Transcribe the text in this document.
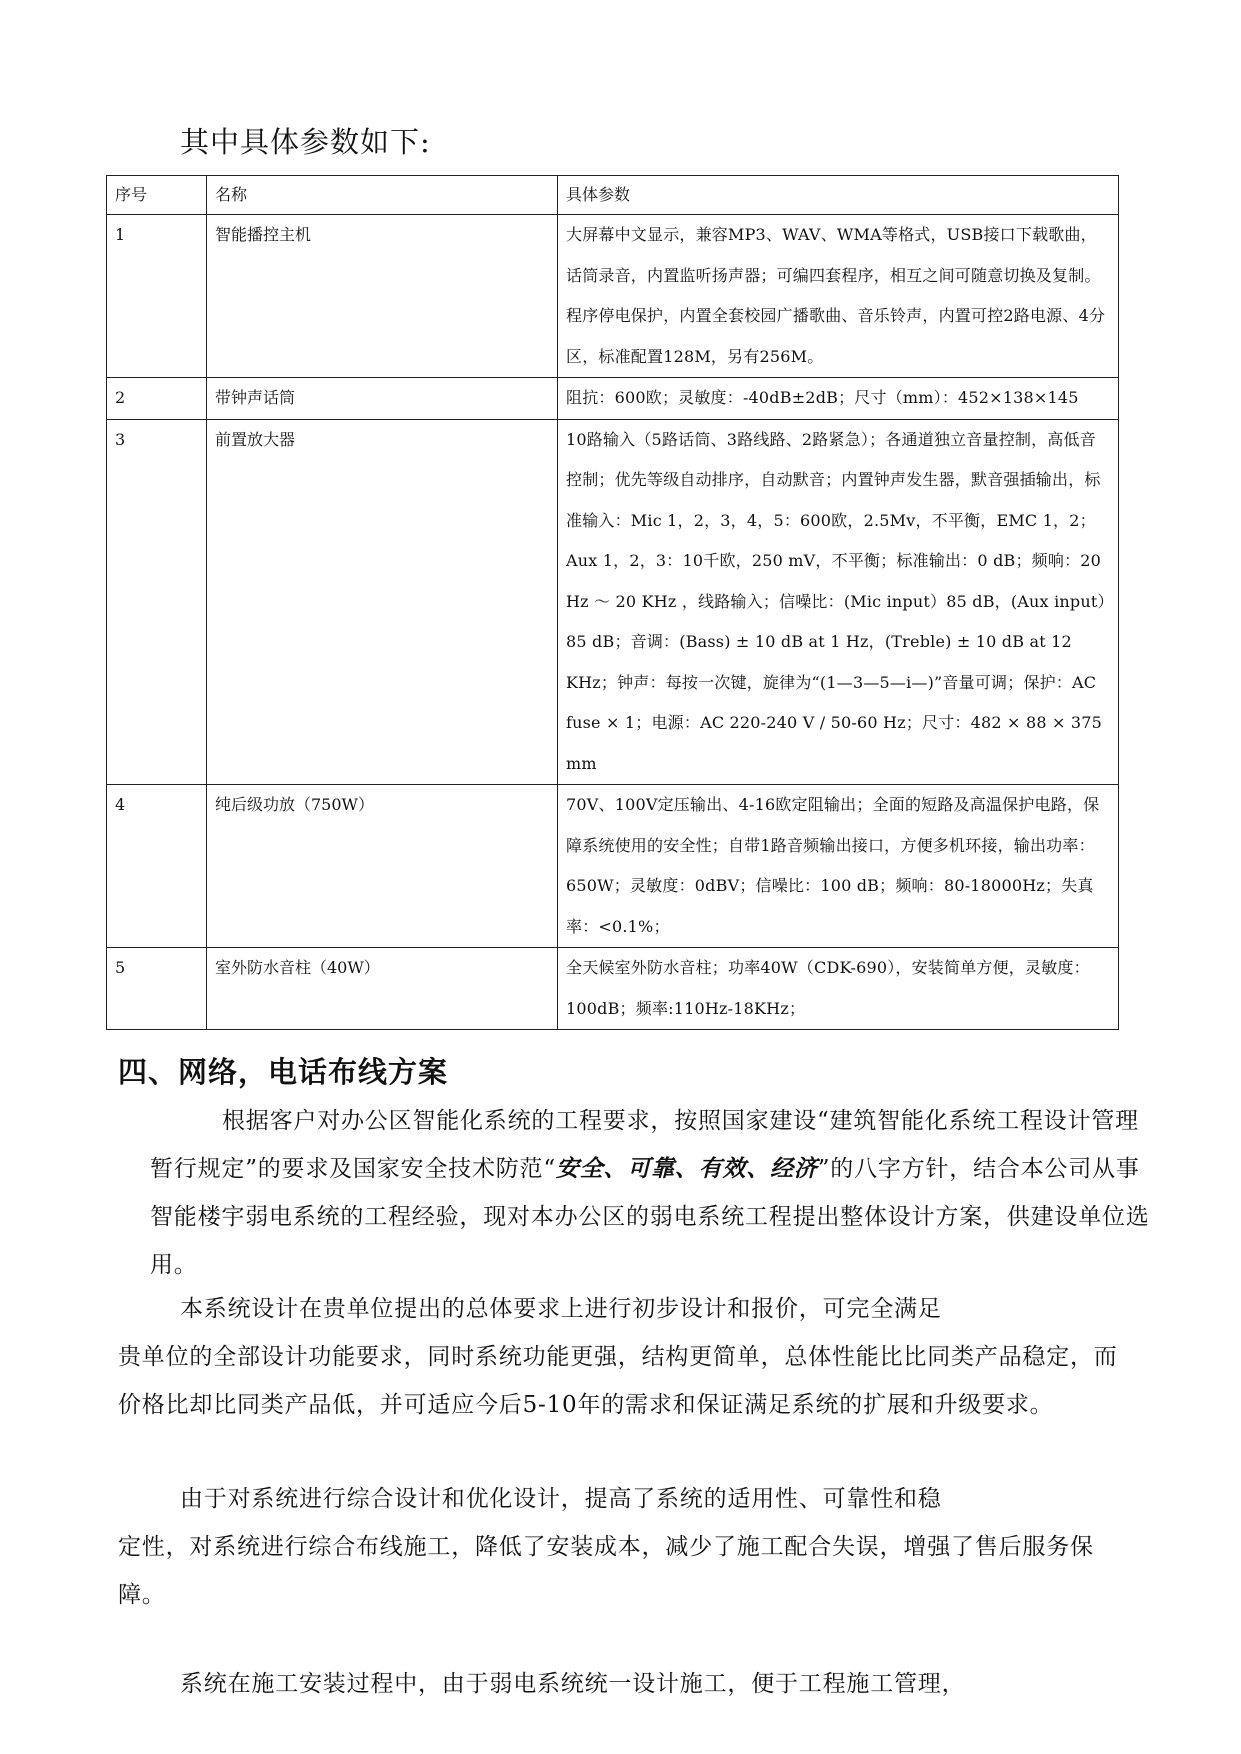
其中具体参数如下:
序号	名称	具体参数
1	智能播控主机	大屏幕中文显示，兼容MP3、WAV、WMA等格式，USB接口下载歌曲，话筒录音，内置监听扬声器；可编四套程序，相互之间可随意切换及复制。程序停电保护，内置全套校园广播歌曲、音乐铃声，内置可控2路电源、4分区，标准配置128M，另有256M。
2	带钟声话筒	阻抗：600欧；灵敏度：-40dB±2dB；尺寸（mm）：452×138×145
3	前置放大器	10路输入（5路话筒、3路线路、2路紧急）；各通道独立音量控制，高低音控制；优先等级自动排序，自动默音；内置钟声发生器，默音强插输出，标准输入：Mic 1，2，3，4，5：600欧，2.5Mv，不平衡，EMC 1，2；Aux 1，2，3：10千欧，250 mV，不平衡；标准输出：0 dB；频响：20 Hz ～ 20 KHz ，线路输入；信噪比：(Mic input）85 dB，(Aux input）85 dB；音调：(Bass) ± 10 dB at 1 Hz，(Treble) ± 10 dB at 12 KHz；钟声：每按一次键，旋律为“(1—3—5—i—)”音量可调；保护：AC fuse × 1；电源：AC 220-240 V / 50-60 Hz；尺寸：482 × 88 × 375 mm
4	纯后级功放（750W）	70V、100V定压输出、4-16欧定阻输出；全面的短路及高温保护电路，保障系统使用的安全性；自带1路音频输出接口，方便多机环接，输出功率：650W；灵敏度：0dBV；信噪比：100 dB；频响：80-18000Hz；失真率：<0.1%；
5	室外防水音柱（40W）	全天候室外防水音柱；功率40W（CDK-690），安装简单方便，灵敏度：100dB；频率:110Hz-18KHz；
四、网络，电话布线方案
根据客户对办公区智能化系统的工程要求，按照国家建设“建筑智能化系统工程设计管理暂行规定”的要求及国家安全技术防范“安全、可靠、有效、经济”的八字方针，结合本公司从事智能楼宇弱电系统的工程经验，现对本办公区的弱电系统工程提出整体设计方案，供建设单位选用。
本系统设计在贵单位提出的总体要求上进行初步设计和报价，可完全满足
贵单位的全部设计功能要求，同时系统功能更强，结构更简单，总体性能比比同类产品稳定，而价格比却比同类产品低，并可适应今后5-10年的需求和保证满足系统的扩展和升级要求。
由于对系统进行综合设计和优化设计，提高了系统的适用性、可靠性和稳
定性，对系统进行综合布线施工，降低了安装成本，减少了施工配合失误，增强了售后服务保障。
系统在施工安装过程中，由于弱电系统统一设计施工，便于工程施工管理，
